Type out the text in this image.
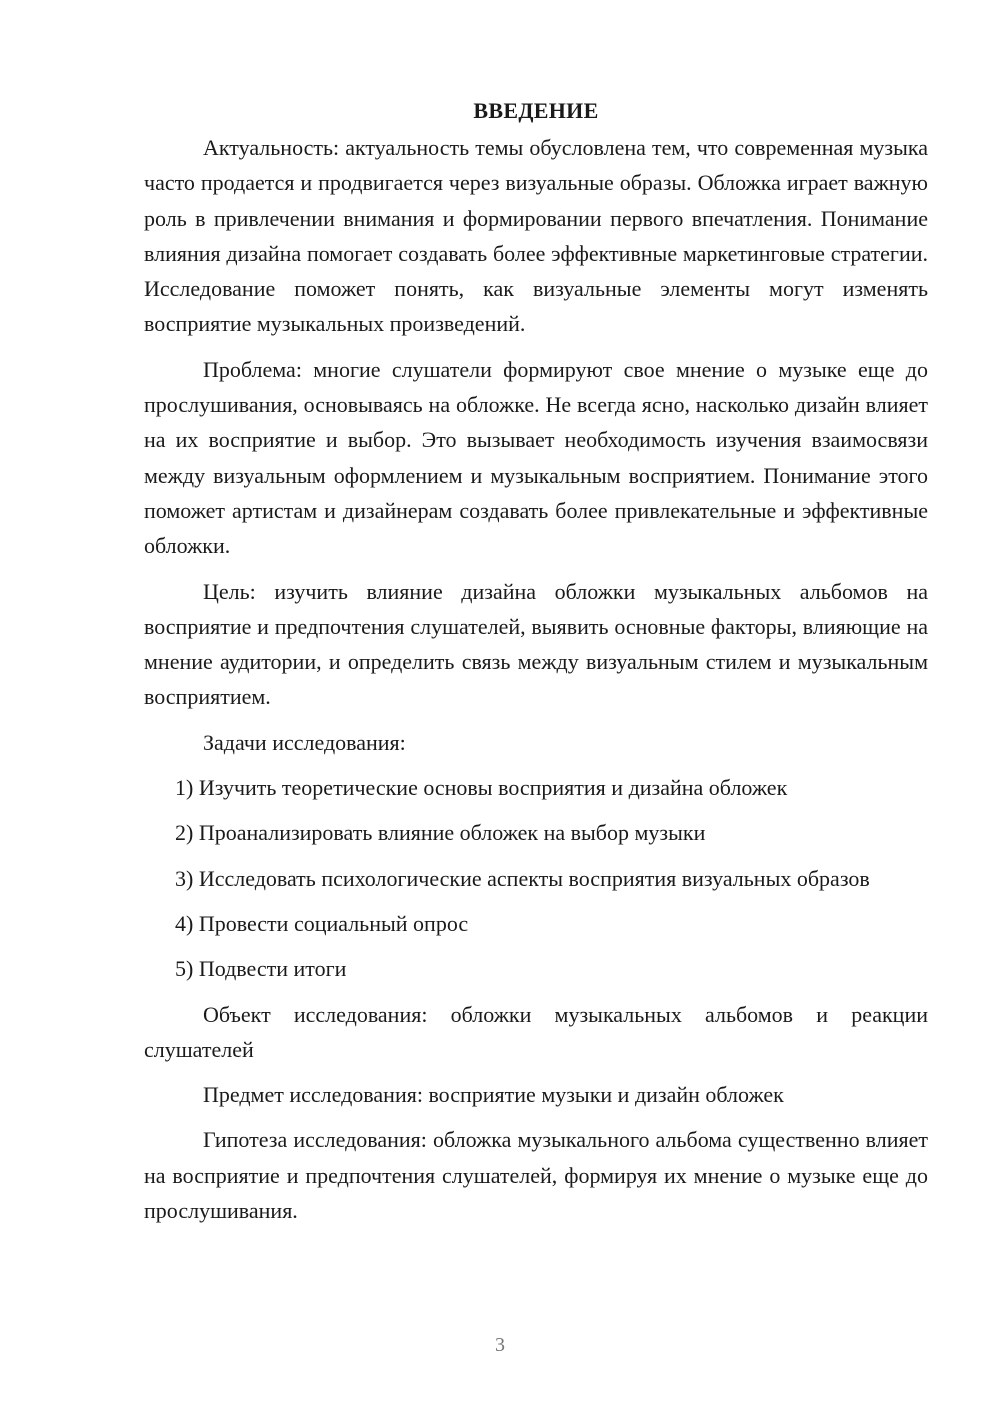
ВВЕДЕНИЕ

Актуальность: актуальность темы обусловлена тем, что современная музыка часто продается и продвигается через визуальные образы. Обложка играет важную роль в привлечении внимания и формировании первого впечатления. Понимание влияния дизайна помогает создавать более эффективные маркетинговые стратегии. Исследование поможет понять, как визуальные элементы могут изменять восприятие музыкальных произведений.

Проблема: многие слушатели формируют свое мнение о музыке еще до прослушивания, основываясь на обложке. Не всегда ясно, насколько дизайн влияет на их восприятие и выбор. Это вызывает необходимость изучения взаимосвязи между визуальным оформлением и музыкальным восприятием. Понимание этого поможет артистам и дизайнерам создавать более привлекательные и эффективные обложки.

Цель: изучить влияние дизайна обложки музыкальных альбомов на восприятие и предпочтения слушателей, выявить основные факторы, влияющие на мнение аудитории, и определить связь между визуальным стилем и музыкальным восприятием.

Задачи исследования:

1) Изучить теоретические основы восприятия и дизайна обложек

2) Проанализировать влияние обложек на выбор музыки

3) Исследовать психологические аспекты восприятия визуальных образов

4) Провести социальный опрос

5) Подвести итоги

Объект исследования: обложки музыкальных альбомов и реакции слушателей

Предмет исследования: восприятие музыки и дизайн обложек

Гипотеза исследования: обложка музыкального альбома существенно влияет на восприятие и предпочтения слушателей, формируя их мнение о музыке еще до прослушивания.

3
